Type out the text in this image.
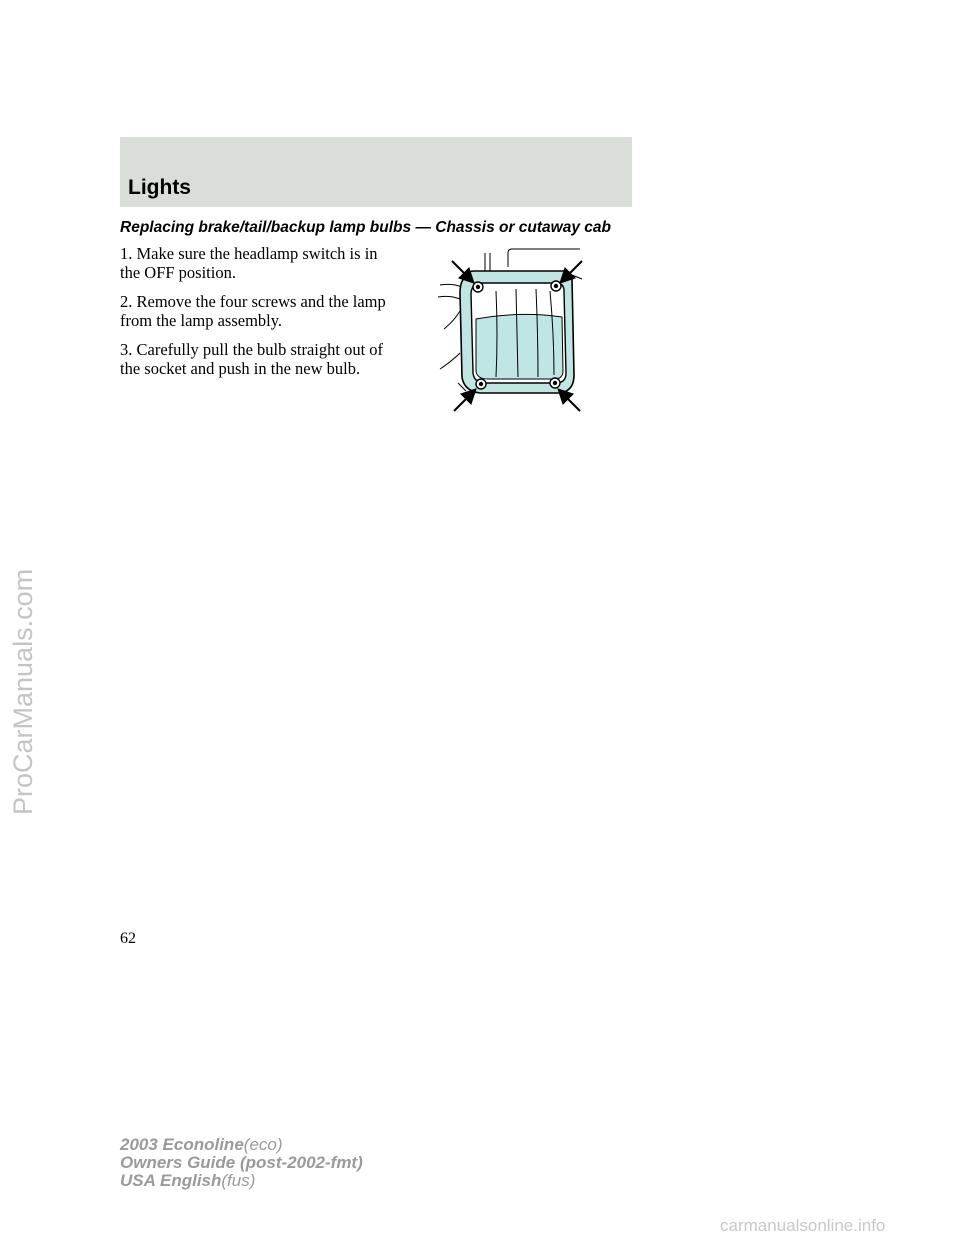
Lights
Replacing brake/tail/backup lamp bulbs — Chassis or cutaway cab

1. Make sure the headlamp switch is in the OFF position.

2. Remove the four screws and the lamp from the lamp assembly.

3. Carefully pull the bulb straight out of the socket and push in the new bulb.

62

2003 Econoline(eco)
Owners Guide (post-2002-fmt)
USA English(fus)
ProCarManuals.com
carmanualsonline.info
